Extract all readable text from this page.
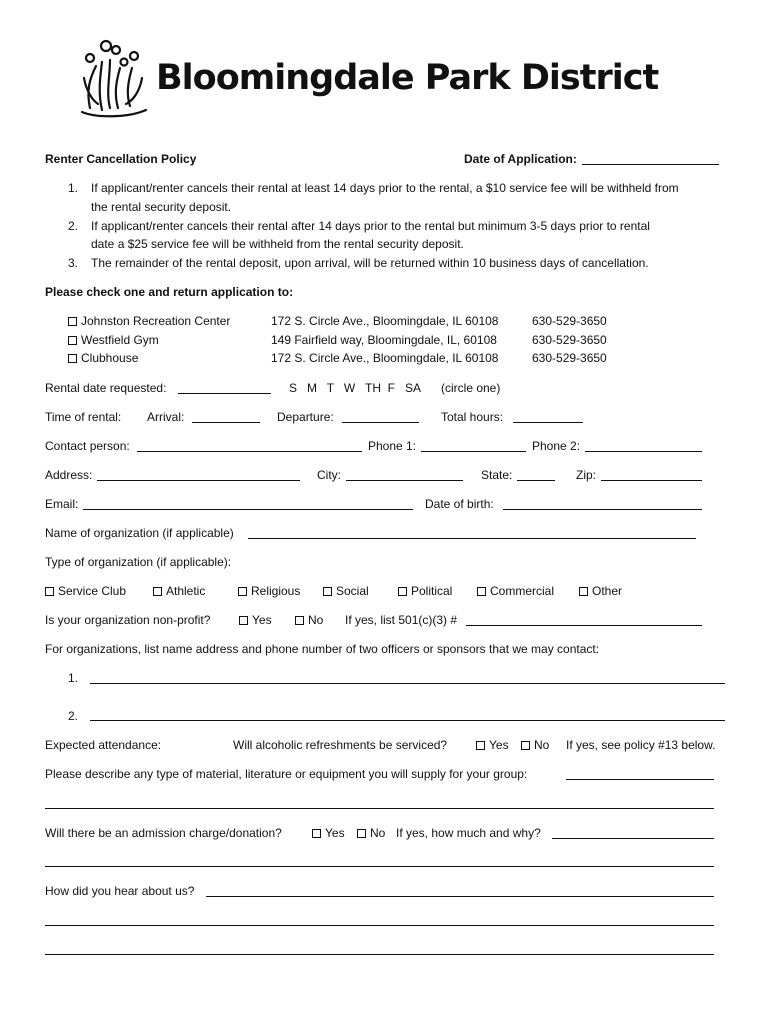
Bloomingdale Park District
Renter Cancellation Policy	Date of Application:
1. If applicant/renter cancels their rental at least 14 days prior to the rental, a $10 service fee will be withheld from
the rental security deposit.
2. If applicant/renter cancels their rental after 14 days prior to the rental but minimum 3-5 days prior to rental
date a $25 service fee will be withheld from the rental security deposit.
3. The remainder of the rental deposit, upon arrival, will be returned within 10 business days of cancellation.
Please check one and return application to:
Johnston Recreation Center	172 S. Circle Ave., Bloomingdale, IL 60108	630-529-3650
Westfield Gym	149 Fairfield way, Bloomingdale, IL, 60108	630-529-3650
Clubhouse	172 S. Circle Ave., Bloomingdale, IL 60108	630-529-3650
Rental date requested:	S   M   T   W   TH  F   SA (circle one)
Time of rental: Arrival:	Departure:	Total hours:
Contact person:	Phone 1:	Phone 2:
Address:	City:	State:	Zip:
Email:	Date of birth:
Name of organization (if applicable)
Type of organization (if applicable):
Service Club	Athletic	Religious	Social	Political	Commercial	Other
Is your organization non-profit?	Yes	No If yes, list 501(c)(3) #
For organizations, list name address and phone number of two officers or sponsors that we may contact:
1.
2.
Expected attendance:	Will alcoholic refreshments be serviced?	Yes	No If yes, see policy #13 below.
Please describe any type of material, literature or equipment you will supply for your group:
Will there be an admission charge/donation?	Yes	No If yes, how much and why?
How did you hear about us?
